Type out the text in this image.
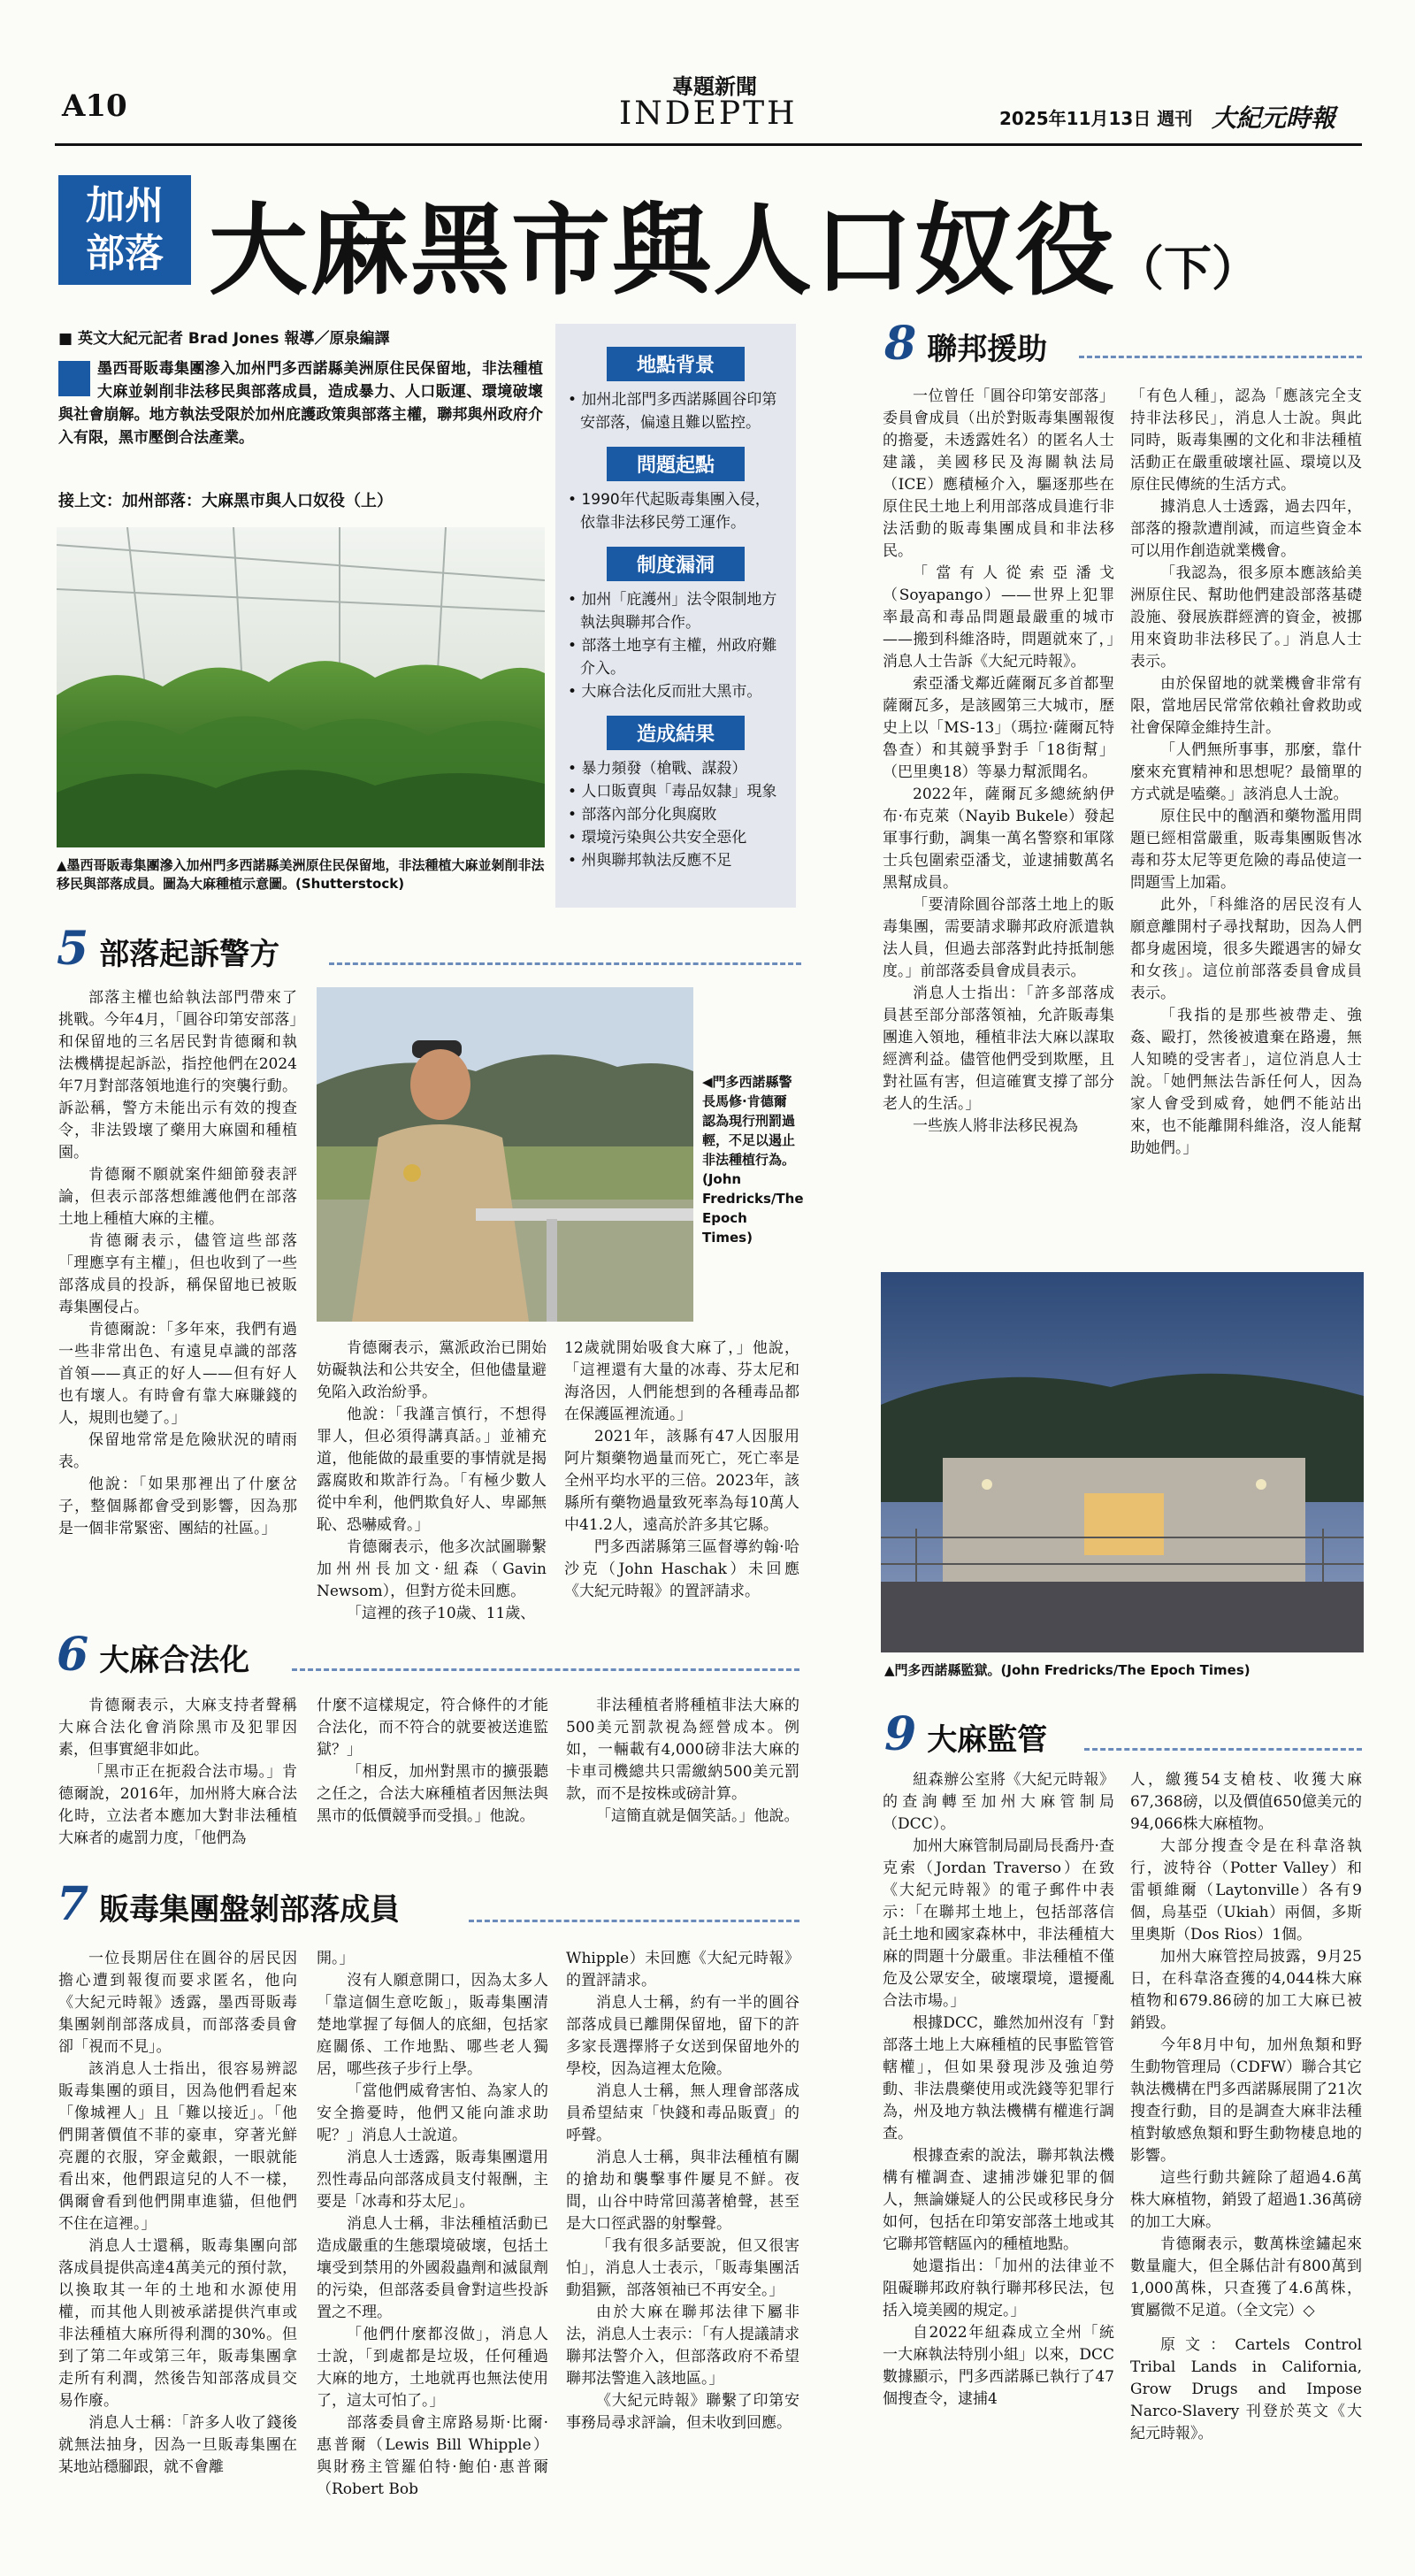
A10
專題新聞
INDEPTH	2025年11月13日 週刊 大紀元時報
加州
部落 大麻黑市與人口奴役（下）
■ 英文大紀元記者 Brad Jones 報導／原泉編譯
墨西哥販毒集團滲入加州門多西諾縣美洲原住民保留地，非法種植大麻並剝削非法移民與部落成員，造成暴力、人口販運、環境破壞與社會崩解。地方執法受限於加州庇護政策與部落主權，聯邦與州政府介入有限，黑市壓倒合法產業。
接上文：加州部落：大麻黑市與人口奴役（上）
▲墨西哥販毒集團滲入加州門多西諾縣美洲原住民保留地，非法種植大麻並剝削非法移民與部落成員。圖為大麻種植示意圖。(Shutterstock)
地點背景
• 加州北部門多西諾縣圓谷印第安部落，偏遠且難以監控。
問題起點
• 1990年代起販毒集團入侵，依靠非法移民勞工運作。
制度漏洞
• 加州「庇護州」法令限制地方執法與聯邦合作。
• 部落土地享有主權，州政府難介入。
• 大麻合法化反而壯大黑市。
造成結果
• 暴力頻發（槍戰、謀殺）
• 人口販賣與「毒品奴隸」現象
• 部落內部分化與腐敗
• 環境污染與公共安全惡化
• 州與聯邦執法反應不足
5 部落起訴警方

部落主權也給執法部門帶來了挑戰。今年4月，「圓谷印第安部落」和保留地的三名居民對肯德爾和執法機構提起訴訟，指控他們在2024年7月對部落領地進行的突襲行動。訴訟稱，警方未能出示有效的搜查令，非法毀壞了藥用大麻園和種植園。

肯德爾不願就案件細節發表評論，但表示部落想維護他們在部落土地上種植大麻的主權。

肯德爾表示，儘管這些部落「理應享有主權」，但也收到了一些部落成員的投訴，稱保留地已被販毒集團侵占。

肯德爾說：「多年來，我們有過一些非常出色、有遠見卓識的部落首領——真正的好人——但有好人也有壞人。有時會有靠大麻賺錢的人，規則也變了。」

保留地常常是危險狀況的晴雨表。

他說：「如果那裡出了什麼岔子，整個縣都會受到影響，因為那是一個非常緊密、團結的社區。」

◀門多西諾縣警長馬修·肯德爾認為現行刑罰過輕，不足以遏止非法種植行為。(John Fredricks/The Epoch Times)

肯德爾表示，黨派政治已開始妨礙執法和公共安全，但他儘量避免陷入政治紛爭。

他說：「我謹言慎行，不想得罪人，但必須得講真話。」並補充道，他能做的最重要的事情就是揭露腐敗和欺詐行為。「有極少數人從中牟利，他們欺負好人、卑鄙無恥、恐嚇威脅。」

肯德爾表示，他多次試圖聯繫加州州長加文·紐森（Gavin Newsom），但對方從未回應。

「這裡的孩子10歲、11歲、

12歲就開始吸食大麻了，」他說，「這裡還有大量的冰毒、芬太尼和海洛因，人們能想到的各種毒品都在保護區裡流通。」

2021年，該縣有47人因服用阿片類藥物過量而死亡，死亡率是全州平均水平的三倍。2023年，該縣所有藥物過量致死率為每10萬人中41.2人，遠高於許多其它縣。

門多西諾縣第三區督導約翰·哈沙克（John Haschak）未回應《大紀元時報》的置評請求。

6 大麻合法化

肯德爾表示，大麻支持者聲稱大麻合法化會消除黑市及犯罪因素，但事實絕非如此。

「黑市正在扼殺合法市場。」肯德爾說，2016年，加州將大麻合法化時，立法者本應加大對非法種植大麻者的處罰力度，「他們為

什麼不這樣規定，符合條件的才能合法化，而不符合的就要被送進監獄？」

「相反，加州對黑市的擴張聽之任之，合法大麻種植者因無法與黑市的低價競爭而受損。」他說。

非法種植者將種植非法大麻的500美元罰款視為經營成本。例如，一輛載有4,000磅非法大麻的卡車司機總共只需繳納500美元罰款，而不是按株或磅計算。

「這簡直就是個笑話。」他說。

7 販毒集團盤剝部落成員

一位長期居住在圓谷的居民因擔心遭到報復而要求匿名，他向《大紀元時報》透露，墨西哥販毒集團剝削部落成員，而部落委員會卻「視而不見」。

該消息人士指出，很容易辨認販毒集團的頭目，因為他們看起來「像城裡人」且「難以接近」。「他們開著價值不菲的豪車，穿著光鮮亮麗的衣服，穿金戴銀，一眼就能看出來，他們跟這兒的人不一樣，偶爾會看到他們開車進貓，但他們不住在這裡。」

消息人士還稱，販毒集團向部落成員提供高達4萬美元的預付款，以換取其一年的土地和水源使用權，而其他人則被承諾提供汽車或非法種植大麻所得利潤的30%。但到了第二年或第三年，販毒集團拿走所有利潤，然後告知部落成員交易作廢。

消息人士稱：「許多人收了錢後就無法抽身，因為一旦販毒集團在某地站穩腳跟，就不會離

開。」

沒有人願意開口，因為太多人「靠這個生意吃飯」，販毒集團清楚地掌握了每個人的底細，包括家庭關係、工作地點、哪些老人獨居，哪些孩子步行上學。

「當他們威脅害怕、為家人的安全擔憂時，他們又能向誰求助呢？」消息人士說道。

消息人士透露，販毒集團還用烈性毒品向部落成員支付報酬，主要是「冰毒和芬太尼」。

消息人士稱，非法種植活動已造成嚴重的生態環境破壞，包括土壤受到禁用的外國殺蟲劑和滅鼠劑的污染，但部落委員會對這些投訴置之不理。

「他們什麼都沒做」，消息人士說，「到處都是垃圾，任何種過大麻的地方，土地就再也無法使用了，這太可怕了。」

部落委員會主席路易斯·比爾·惠普爾（Lewis Bill Whipple）與財務主管羅伯特·鮑伯·惠普爾（Robert Bob

Whipple）未回應《大紀元時報》的置評請求。

消息人士稱，約有一半的圓谷部落成員已離開保留地，留下的許多家長選擇將子女送到保留地外的學校，因為這裡太危險。

消息人士稱，無人理會部落成員希望結束「快錢和毒品販賣」的呼聲。

消息人士稱，與非法種植有關的搶劫和襲擊事件屢見不鮮。夜間，山谷中時常回蕩著槍聲，甚至是大口徑武器的射擊聲。

「我有很多話要說，但又很害怕」，消息人士表示，「販毒集團活動猖獗，部落領袖已不再安全。」

由於大麻在聯邦法律下屬非法，消息人士表示：「有人提議請求聯邦法警介入，但部落政府不希望聯邦法警進入該地區。」

《大紀元時報》聯繫了印第安事務局尋求評論，但未收到回應。

8 聯邦援助

一位曾任「圓谷印第安部落」委員會成員（出於對販毒集團報復的擔憂，未透露姓名）的匿名人士建議，美國移民及海關執法局（ICE）應積極介入，驅逐那些在原住民土地上利用部落成員進行非法活動的販毒集團成員和非法移民。

「當有人從索亞潘戈（Soyapango）——世界上犯罪率最高和毒品問題最嚴重的城市——搬到科維洛時，問題就來了，」消息人士告訴《大紀元時報》。

索亞潘戈鄰近薩爾瓦多首都聖薩爾瓦多，是該國第三大城市，歷史上以「MS-13」（瑪拉·薩爾瓦特魯查）和其競爭對手「18街幫」（巴里奧18）等暴力幫派聞名。

2022年，薩爾瓦多總統納伊布·布克萊（Nayib Bukele）發起軍事行動，調集一萬名警察和軍隊士兵包圍索亞潘戈，並逮捕數萬名黑幫成員。

「要清除圓谷部落土地上的販毒集團，需要請求聯邦政府派遣執法人員，但過去部落對此持抵制態度。」前部落委員會成員表示。

消息人士指出：「許多部落成員甚至部分部落領袖，允許販毒集團進入領地，種植非法大麻以謀取經濟利益。儘管他們受到欺壓，且對社區有害，但這確實支撐了部分老人的生活。」

一些族人將非法移民視為

「有色人種」，認為「應該完全支持非法移民」，消息人士說。與此同時，販毒集團的文化和非法種植活動正在嚴重破壞社區、環境以及原住民傳統的生活方式。

據消息人士透露，過去四年，部落的撥款遭削減，而這些資金本可以用作創造就業機會。

「我認為，很多原本應該給美洲原住民、幫助他們建設部落基礎設施、發展族群經濟的資金，被挪用來資助非法移民了。」消息人士表示。

由於保留地的就業機會非常有限，當地居民常常依賴社會救助或社會保障金維持生計。

「人們無所事事，那麼，靠什麼來充實精神和思想呢？最簡單的方式就是嗑藥。」該消息人士說。

原住民中的酗酒和藥物濫用問題已經相當嚴重，販毒集團販售冰毒和芬太尼等更危險的毒品使這一問題雪上加霜。

此外，「科維洛的居民沒有人願意離開村子尋找幫助，因為人們都身處困境，很多失蹤遇害的婦女和女孩」。這位前部落委員會成員表示。

「我指的是那些被帶走、強姦、毆打，然後被遺棄在路邊，無人知曉的受害者」，這位消息人士說。「她們無法告訴任何人，因為家人會受到威脅，她們不能站出來，也不能離開科維洛，沒人能幫助她們。」

▲門多西諾縣監獄。(John Fredricks/The Epoch Times)
9 大麻監管

紐森辦公室將《大紀元時報》的查詢轉至加州大麻管制局（DCC）。

加州大麻管制局副局長喬丹·查克索（Jordan Traverso）在致《大紀元時報》的電子郵件中表示：「在聯邦土地上，包括部落信託土地和國家森林中，非法種植大麻的問題十分嚴重。非法種植不僅危及公眾安全，破壞環境，還擾亂合法市場。」

根據DCC，雖然加州沒有「對部落土地上大麻種植的民事監管管轄權」，但如果發現涉及強迫勞動、非法農藥使用或洗錢等犯罪行為，州及地方執法機構有權進行調查。

根據查索的說法，聯邦執法機構有權調查、逮捕涉嫌犯罪的個人，無論嫌疑人的公民或移民身分如何，包括在印第安部落土地或其它聯邦管轄區內的種植地點。

她還指出：「加州的法律並不阻礙聯邦政府執行聯邦移民法，包括入境美國的規定。」

自2022年紐森成立全州「統一大麻執法特別小組」以來，DCC數據顯示，門多西諾縣已執行了47個搜查令，逮捕4

人，繳獲54支槍枝、收獲大麻67,368磅，以及價值650億美元的94,066株大麻植物。

大部分搜查令是在科韋洛執行，波特谷（Potter Valley）和雷頓維爾（Laytonville）各有9個，烏基亞（Ukiah）兩個，多斯里奧斯（Dos Rios）1個。

加州大麻管控局披露，9月25日，在科韋洛查獲的4,044株大麻植物和679.86磅的加工大麻已被銷毀。

今年8月中旬，加州魚類和野生動物管理局（CDFW）聯合其它執法機構在門多西諾縣展開了21次搜查行動，目的是調查大麻非法種植對敏感魚類和野生動物棲息地的影響。

這些行動共鏟除了超過4.6萬株大麻植物，銷毀了超過1.36萬磅的加工大麻。

肯德爾表示，數萬株塗鏽起來數量龐大，但全縣估計有800萬到1,000萬株，只查獲了4.6萬株，實屬微不足道。（全文完）◇

原文：Cartels Control Tribal Lands in California, Grow Drugs and Impose Narco-Slavery 刊登於英文《大紀元時報》。
